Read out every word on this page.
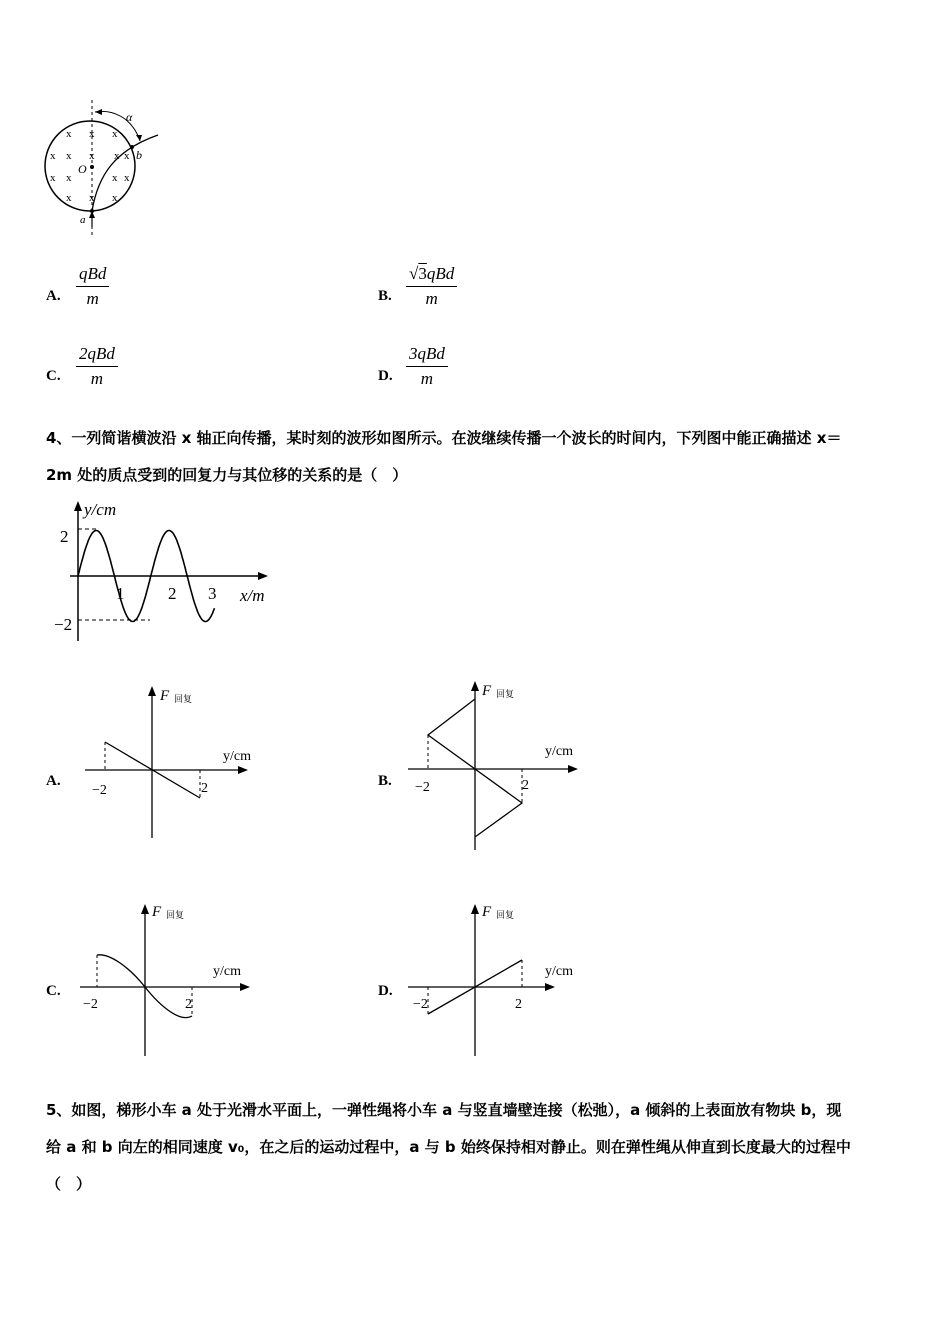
x x x
x x x x x
x x	x x
x x x
α
b
O
a
A.
qBd
m	B.
√3qBd
m
C.
2qBd
m	D.
3qBd
m
4、一列简谐横波沿 x 轴正向传播，某时刻的波形如图所示。在波继续传播一个波长的时间内，下列图中能正确描述 x＝
2m 处的质点受到的回复力与其位移的关系的是（　）
y/cm
x/m
2
−2
1	2 3
A.
F 回复
y/cm
−2	2	B.
F 回复
y/cm
−2	2
C.
F 回复
y/cm
−2	2
D.
F 回复
y/cm
−2	2
5、如图，梯形小车 a 处于光滑水平面上，一弹性绳将小车 a 与竖直墙壁连接（松弛），a 倾斜的上表面放有物块 b，现
给 a 和 b 向左的相同速度 v₀，在之后的运动过程中，a 与 b 始终保持相对静止。则在弹性绳从伸直到长度最大的过程中
（　）
